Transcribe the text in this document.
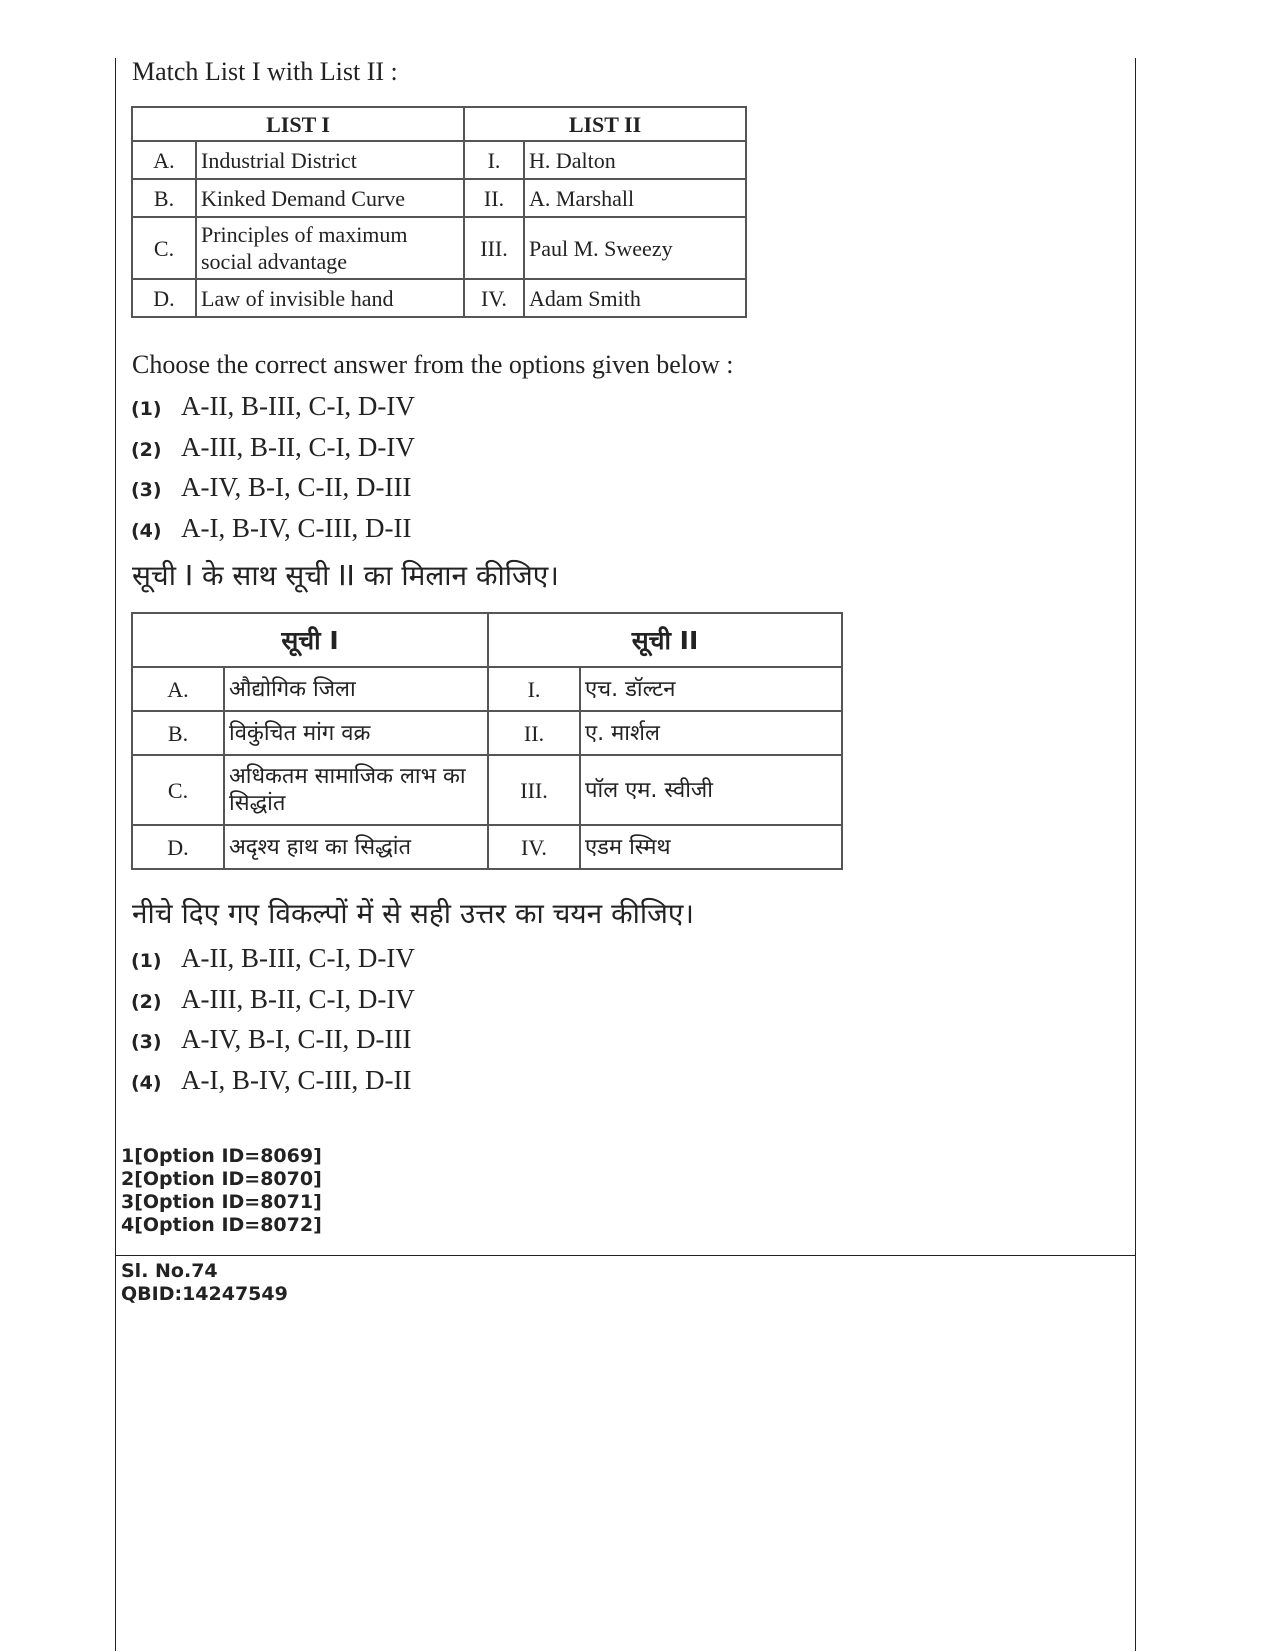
Match List I with List II :

LIST I		LIST II	
A.	Industrial District	I.	H. Dalton
B.	Kinked Demand Curve	II.	A. Marshall
C.	Principles of maximum social advantage	III.	Paul M. Sweezy
D.	Law of invisible hand	IV.	Adam Smith

Choose the correct answer from the options given below :

(1) A-II, B-III, C-I, D-IV
(2) A-III, B-II, C-I, D-IV
(3) A-IV, B-I, C-II, D-III
(4) A-I, B-IV, C-III, D-II

सूची I के साथ सूची II का मिलान कीजिए।

सूची I		सूची II	
A.	औद्योगिक जिला	I.	एच. डॉल्टन
B.	विकुंचित मांग वक्र	II.	ए. मार्शल
C.	अधिकतम सामाजिक लाभ का सिद्धांत	III.	पॉल एम. स्वीजी
D.	अदृश्य हाथ का सिद्धांत	IV.	एडम स्मिथ

नीचे दिए गए विकल्पों में से सही उत्तर का चयन कीजिए।

(1) A-II, B-III, C-I, D-IV
(2) A-III, B-II, C-I, D-IV
(3) A-IV, B-I, C-II, D-III
(4) A-I, B-IV, C-III, D-II
1[Option ID=8069]
2[Option ID=8070]
3[Option ID=8071]
4[Option ID=8072]
Sl. No.74
QBID:14247549
